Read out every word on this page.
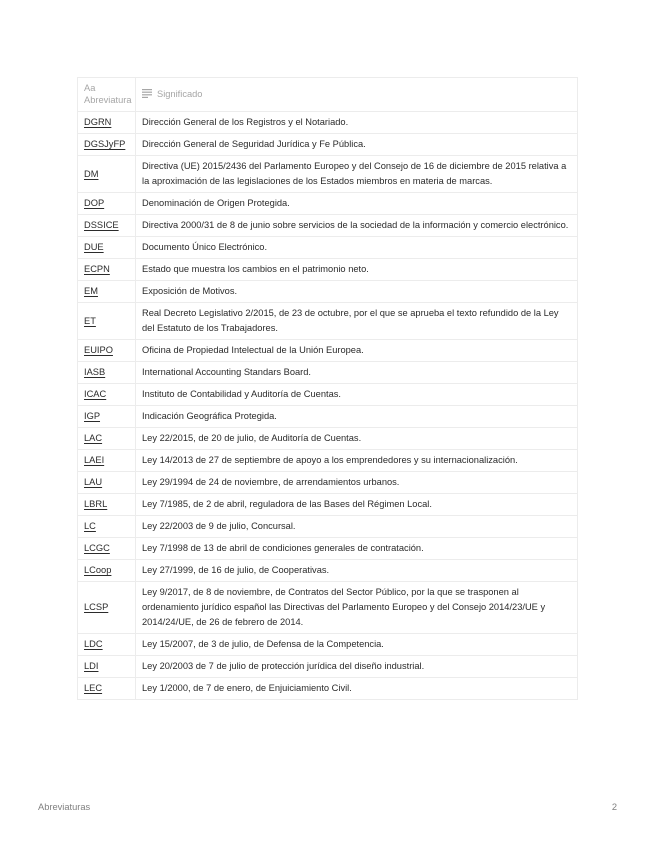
Aa
Abreviatura	Significado
DGRN	Dirección General de los Registros y el Notariado.
DGSJyFP	Dirección General de Seguridad Jurídica y Fe Pública.
DM	Directiva (UE) 2015/2436 del Parlamento Europeo y del Consejo de 16 de diciembre de 2015 relativa a la aproximación de las legislaciones de los Estados miembros en materia de marcas.
DOP	Denominación de Origen Protegida.
DSSICE	Directiva 2000/31 de 8 de junio sobre servicios de la sociedad de la información y comercio electrónico.
DUE	Documento Único Electrónico.
ECPN	Estado que muestra los cambios en el patrimonio neto.
EM	Exposición de Motivos.
ET	Real Decreto Legislativo 2/2015, de 23 de octubre, por el que se aprueba el texto refundido de la Ley del Estatuto de los Trabajadores.
EUIPO	Oficina de Propiedad Intelectual de la Unión Europea.
IASB	International Accounting Standars Board.
ICAC	Instituto de Contabilidad y Auditoría de Cuentas.
IGP	Indicación Geográfica Protegida.
LAC	Ley 22/2015, de 20 de julio, de Auditoría de Cuentas.
LAEI	Ley 14/2013 de 27 de septiembre de apoyo a los emprendedores y su internacionalización.
LAU	Ley 29/1994 de 24 de noviembre, de arrendamientos urbanos.
LBRL	Ley 7/1985, de 2 de abril, reguladora de las Bases del Régimen Local.
LC	Ley 22/2003 de 9 de julio, Concursal.
LCGC	Ley 7/1998 de 13 de abril de condiciones generales de contratación.
LCoop	Ley 27/1999, de 16 de julio, de Cooperativas.
LCSP	Ley 9/2017, de 8 de noviembre, de Contratos del Sector Público, por la que se trasponen al ordenamiento jurídico español las Directivas del Parlamento Europeo y del Consejo 2014/23/UE y 2014/24/UE, de 26 de febrero de 2014.
LDC	Ley 15/2007, de 3 de julio, de Defensa de la Competencia.
LDI	Ley 20/2003 de 7 de julio de protección jurídica del diseño industrial.
LEC	Ley 1/2000, de 7 de enero, de Enjuiciamiento Civil.
Abreviaturas	2
